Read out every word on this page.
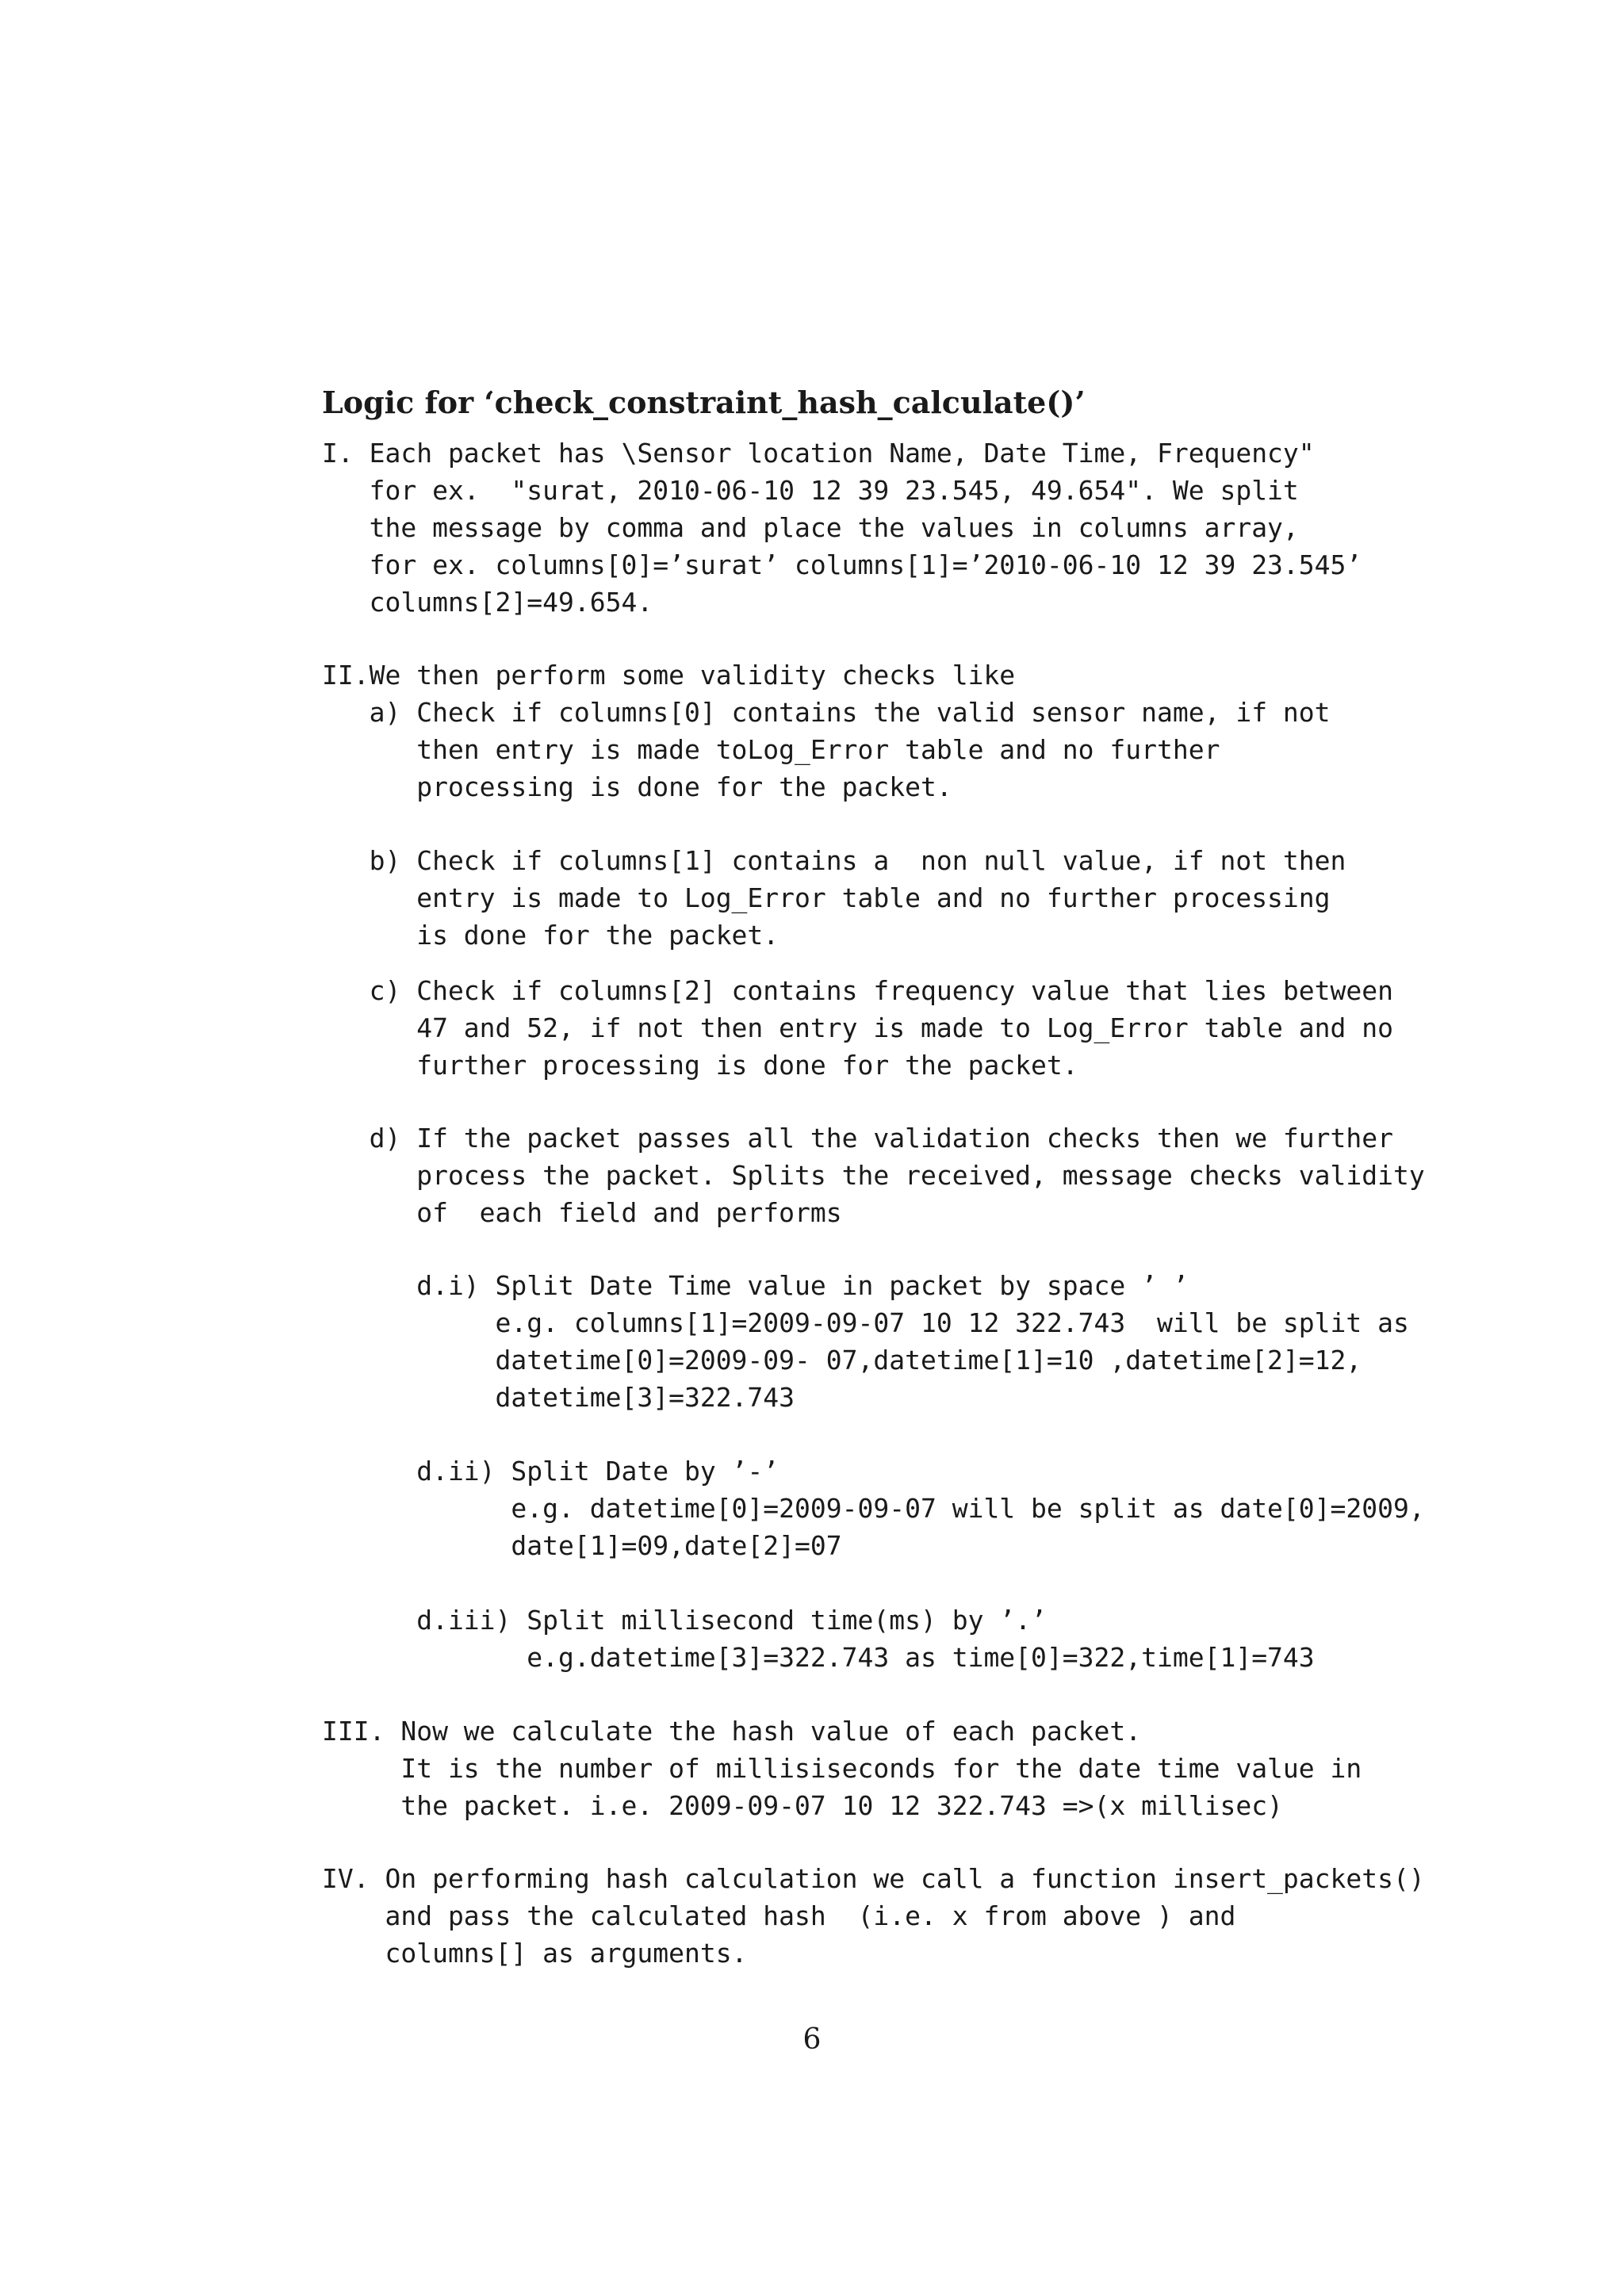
Logic for ‘check_constraint_hash_calculate()’
I. Each packet has \Sensor location Name, Date Time, Frequency"
for ex.  "surat, 2010-06-10 12 39 23.545, 49.654". We split
the message by comma and place the values in columns array,
for ex. columns[0]=’surat’ columns[1]=’2010-06-10 12 39 23.545’
columns[2]=49.654.
II.We then perform some validity checks like
a) Check if columns[0] contains the valid sensor name, if not
then entry is made toLog_Error table and no further
processing is done for the packet.
b) Check if columns[1] contains a  non null value, if not then
entry is made to Log_Error table and no further processing
is done for the packet.
c) Check if columns[2] contains frequency value that lies between
47 and 52, if not then entry is made to Log_Error table and no
further processing is done for the packet.
d) If the packet passes all the validation checks then we further
process the packet. Splits the received, message checks validity
of  each field and performs
d.i) Split Date Time value in packet by space ’ ’
e.g. columns[1]=2009-09-07 10 12 322.743  will be split as
datetime[0]=2009-09- 07,datetime[1]=10 ,datetime[2]=12,
datetime[3]=322.743
d.ii) Split Date by ’-’
e.g. datetime[0]=2009-09-07 will be split as date[0]=2009,
date[1]=09,date[2]=07
d.iii) Split millisecond time(ms) by ’.’
e.g.datetime[3]=322.743 as time[0]=322,time[1]=743
III. Now we calculate the hash value of each packet.
It is the number of millisiseconds for the date time value in
the packet. i.e. 2009-09-07 10 12 322.743 =>(x millisec)
IV. On performing hash calculation we call a function insert_packets()
and pass the calculated hash  (i.e. x from above ) and
columns[] as arguments.
6
